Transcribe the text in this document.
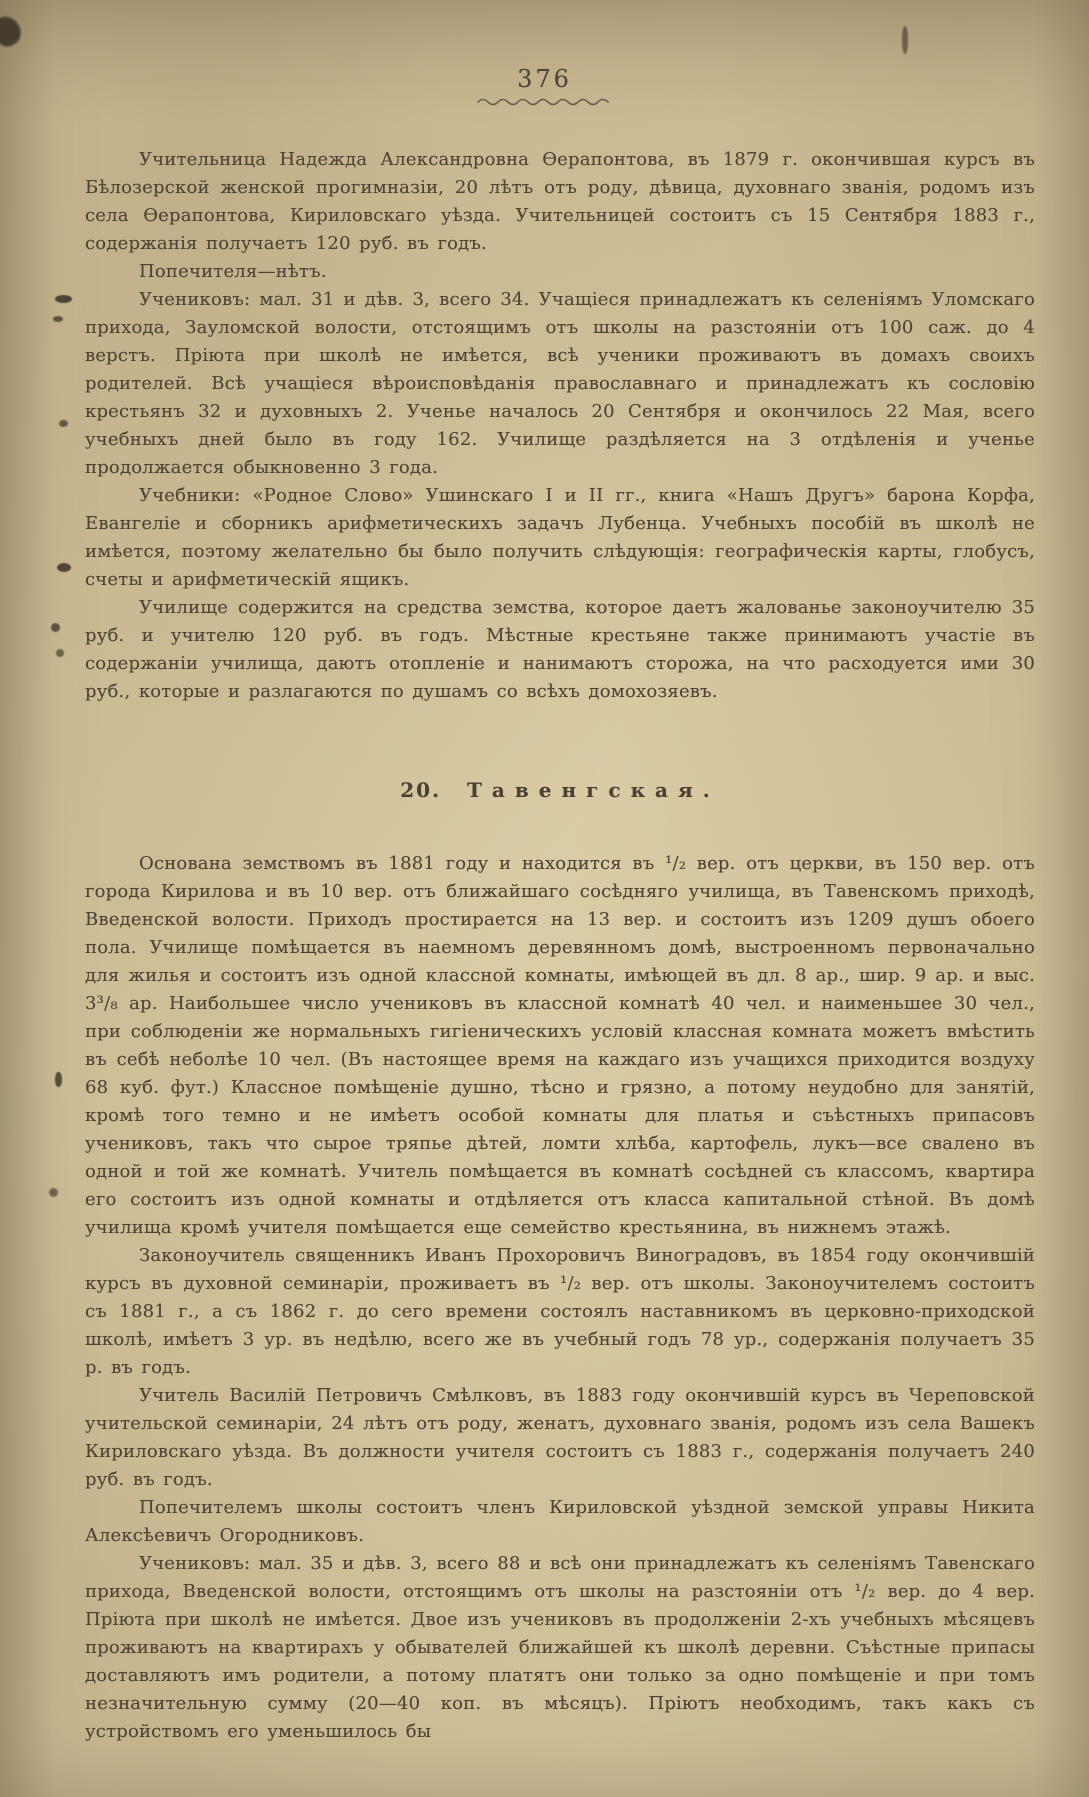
376

Учительница Надежда Александровна Ѳерапонтова, въ 1879 г. окончившая курсъ въ Бѣлозерской женской прогимназіи, 20 лѣтъ отъ роду, дѣвица, духовнаго званія, родомъ изъ села Ѳерапонтова, Кириловскаго уѣзда. Учительницей состоитъ съ 15 Сентября 1883 г., содержанія получаетъ 120 руб. въ годъ.

Попечителя—нѣтъ.

Учениковъ: мал. 31 и дѣв. 3, всего 34. Учащіеся принадлежатъ къ селеніямъ Уломскаго прихода, Зауломской волости, отстоящимъ отъ школы на разстояніи отъ 100 саж. до 4 верстъ. Пріюта при школѣ не имѣется, всѣ ученики проживаютъ въ домахъ своихъ родителей. Всѣ учащіеся вѣроисповѣданія православнаго и принадлежатъ къ сословію крестьянъ 32 и духовныхъ 2. Ученье началось 20 Сентября и окончилось 22 Мая, всего учебныхъ дней было въ году 162. Училище раздѣляется на 3 отдѣленія и ученье продолжается обыкновенно 3 года.

Учебники: «Родное Слово» Ушинскаго I и II гг., книга «Нашъ Другъ» барона Корфа, Евангеліе и сборникъ арифметическихъ задачъ Лубенца. Учебныхъ пособій въ школѣ не имѣется, поэтому желательно бы было получить слѣдующія: географическія карты, глобусъ, счеты и арифметическій ящикъ.

Училище содержится на средства земства, которое даетъ жалованье законоучителю 35 руб. и учителю 120 руб. въ годъ. Мѣстные крестьяне также принимаютъ участіе въ содержаніи училища, даютъ отопленіе и нанимаютъ сторожа, на что расходуется ими 30 руб., которые и разлагаются по душамъ со всѣхъ домохозяевъ.

20. Тавенгская.

Основана земствомъ въ 1881 году и находится въ ¹/₂ вер. отъ церкви, въ 150 вер. отъ города Кирилова и въ 10 вер. отъ ближайшаго сосѣдняго училища, въ Тавенскомъ приходѣ, Введенской волости. Приходъ простирается на 13 вер. и состоитъ изъ 1209 душъ обоего пола. Училище помѣщается въ наемномъ деревянномъ домѣ, выстроенномъ первоначально для жилья и состоитъ изъ одной классной комнаты, имѣющей въ дл. 8 ар., шир. 9 ар. и выс. 3³/₈ ар. Наибольшее число учениковъ въ классной комнатѣ 40 чел. и наименьшее 30 чел., при соблюденіи же нормальныхъ гигіеническихъ условій классная комната можетъ вмѣстить въ себѣ неболѣе 10 чел. (Въ настоящее время на каждаго изъ учащихся приходится воздуху 68 куб. фут.) Классное помѣщеніе душно, тѣсно и грязно, а потому неудобно для занятій, кромѣ того темно и не имѣетъ особой комнаты для платья и съѣстныхъ припасовъ учениковъ, такъ что сырое тряпье дѣтей, ломти хлѣба, картофель, лукъ—все свалено въ одной и той же комнатѣ. Учитель помѣщается въ комнатѣ сосѣдней съ классомъ, квартира его состоитъ изъ одной комнаты и отдѣляется отъ класса капитальной стѣной. Въ домѣ училища кромѣ учителя помѣщается еще семейство крестьянина, въ нижнемъ этажѣ.

Законоучитель священникъ Иванъ Прохоровичъ Виноградовъ, въ 1854 году окончившій курсъ въ духовной семинаріи, проживаетъ въ ¹/₂ вер. отъ школы. Законоучителемъ состоитъ съ 1881 г., а съ 1862 г. до сего времени состоялъ наставникомъ въ церковно-приходской школѣ, имѣетъ 3 ур. въ недѣлю, всего же въ учебный годъ 78 ур., содержанія получаетъ 35 р. въ годъ.

Учитель Василій Петровичъ Смѣлковъ, въ 1883 году окончившій курсъ въ Череповской учительской семинаріи, 24 лѣтъ отъ роду, женатъ, духовнаго званія, родомъ изъ села Вашекъ Кириловскаго уѣзда. Въ должности учителя состоитъ съ 1883 г., содержанія получаетъ 240 руб. въ годъ.

Попечителемъ школы состоитъ членъ Кириловской уѣздной земской управы Никита Алексѣевичъ Огородниковъ.

Учениковъ: мал. 35 и дѣв. 3, всего 88 и всѣ они принадлежатъ къ селеніямъ Тавенскаго прихода, Введенской волости, отстоящимъ отъ школы на разстояніи отъ ¹/₂ вер. до 4 вер. Пріюта при школѣ не имѣется. Двое изъ учениковъ въ продолженіи 2-хъ учебныхъ мѣсяцевъ проживаютъ на квартирахъ у обывателей ближайшей къ школѣ деревни. Съѣстные припасы доставляютъ имъ родители, а потому платятъ они только за одно помѣщеніе и при томъ незначительную сумму (20—40 коп. въ мѣсяцъ). Пріютъ необходимъ, такъ какъ съ устройствомъ его уменьшилось бы
